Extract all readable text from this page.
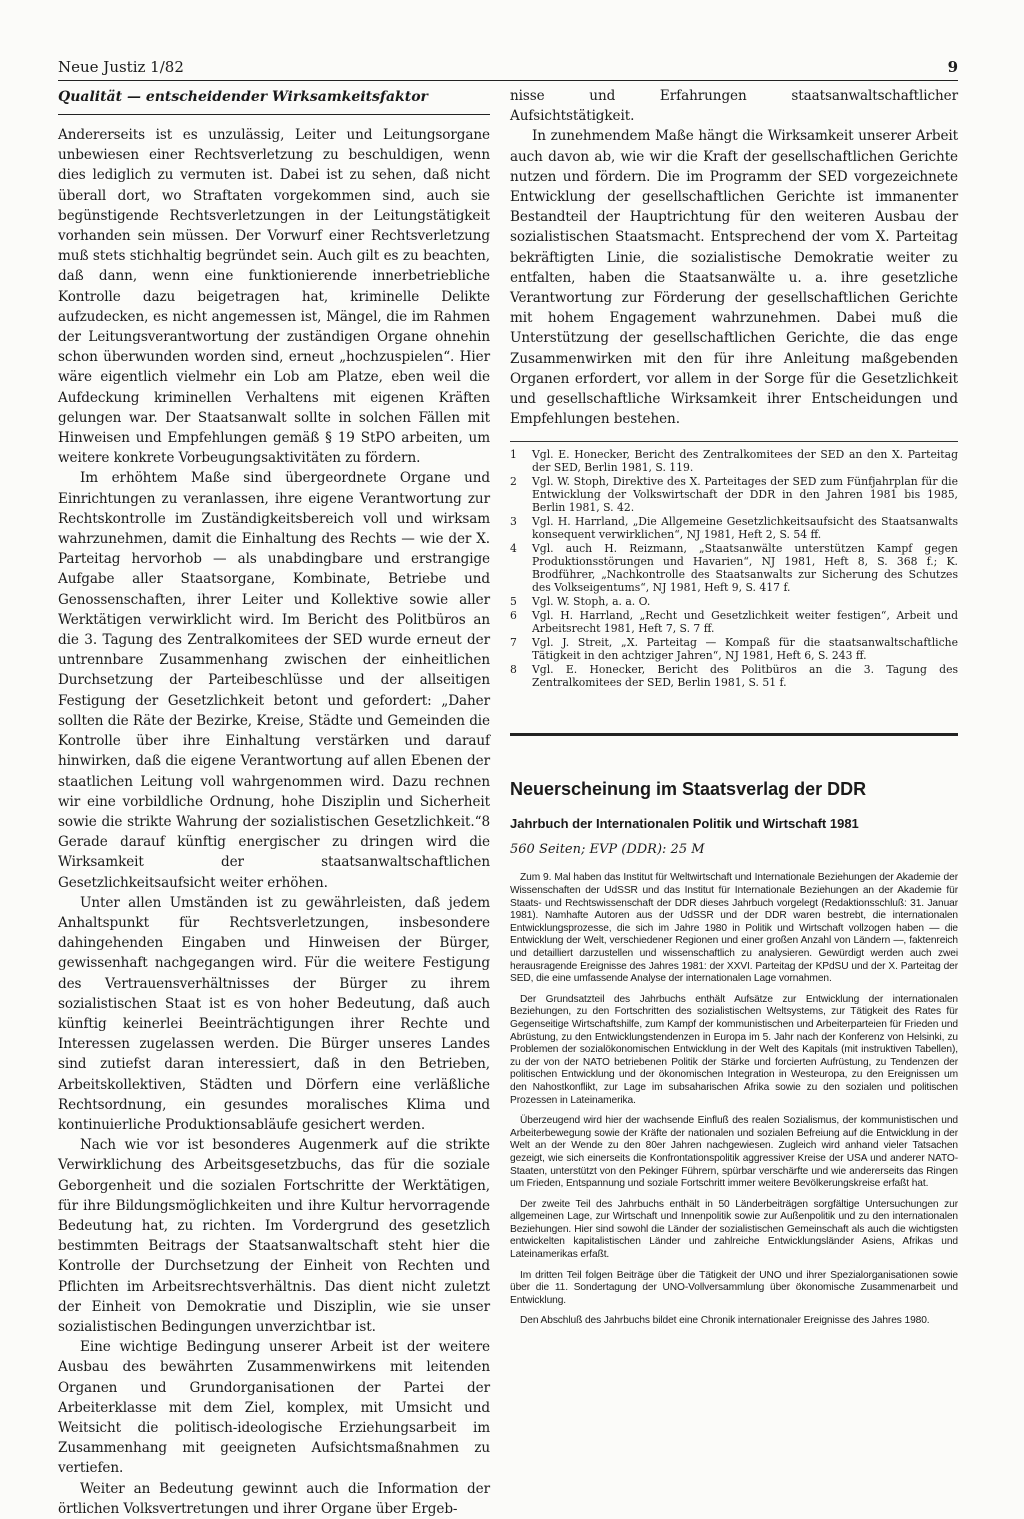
Neue Justiz 1/82	9
Qualität — entscheidender Wirksamkeitsfaktor

Andererseits ist es unzulässig, Leiter und Leitungsorgane unbewiesen einer Rechtsverletzung zu beschuldigen, wenn dies lediglich zu vermuten ist. Dabei ist zu sehen, daß nicht überall dort, wo Straftaten vorgekommen sind, auch sie begünstigende Rechtsverletzungen in der Leitungstätigkeit vorhanden sein müssen. Der Vorwurf einer Rechtsverletzung muß stets stichhaltig begründet sein. Auch gilt es zu beachten, daß dann, wenn eine funktionierende innerbetriebliche Kontrolle dazu beigetragen hat, kriminelle Delikte aufzudecken, es nicht angemessen ist, Mängel, die im Rahmen der Leitungsverantwortung der zuständigen Organe ohnehin schon überwunden worden sind, erneut „hochzuspielen“. Hier wäre eigentlich vielmehr ein Lob am Platze, eben weil die Aufdeckung kriminellen Verhaltens mit eigenen Kräften gelungen war. Der Staatsanwalt sollte in solchen Fällen mit Hinweisen und Empfehlungen gemäß § 19 StPO arbeiten, um weitere konkrete Vorbeugungsaktivitäten zu fördern.

Im erhöhtem Maße sind übergeordnete Organe und Einrichtungen zu veranlassen, ihre eigene Verantwortung zur Rechtskontrolle im Zuständigkeitsbereich voll und wirksam wahrzunehmen, damit die Einhaltung des Rechts — wie der X. Parteitag hervorhob — als unabdingbare und erstrangige Aufgabe aller Staatsorgane, Kombinate, Betriebe und Genossenschaften, ihrer Leiter und Kollektive sowie aller Werktätigen verwirklicht wird. Im Bericht des Politbüros an die 3. Tagung des Zentralkomitees der SED wurde erneut der untrennbare Zusammenhang zwischen der einheitlichen Durchsetzung der Parteibeschlüsse und der allseitigen Festigung der Gesetzlichkeit betont und gefordert: „Daher sollten die Räte der Bezirke, Kreise, Städte und Gemeinden die Kontrolle über ihre Einhaltung verstärken und darauf hinwirken, daß die eigene Verantwortung auf allen Ebenen der staatlichen Leitung voll wahrgenommen wird. Dazu rechnen wir eine vorbildliche Ordnung, hohe Disziplin und Sicherheit sowie die strikte Wahrung der sozialistischen Gesetzlichkeit.“8 Gerade darauf künftig energischer zu dringen wird die Wirksamkeit der staatsanwaltschaftlichen Gesetzlichkeitsaufsicht weiter erhöhen.

Unter allen Umständen ist zu gewährleisten, daß jedem Anhaltspunkt für Rechtsverletzungen, insbesondere dahingehenden Eingaben und Hinweisen der Bürger, gewissenhaft nachgegangen wird. Für die weitere Festigung des Vertrauensverhältnisses der Bürger zu ihrem sozialistischen Staat ist es von hoher Bedeutung, daß auch künftig keinerlei Beeinträchtigungen ihrer Rechte und Interessen zugelassen werden. Die Bürger unseres Landes sind zutiefst daran interessiert, daß in den Betrieben, Arbeitskollektiven, Städten und Dörfern eine verläßliche Rechtsordnung, ein gesundes moralisches Klima und kontinuierliche Produktionsabläufe gesichert werden.

Nach wie vor ist besonderes Augenmerk auf die strikte Verwirklichung des Arbeitsgesetzbuchs, das für die soziale Geborgenheit und die sozialen Fortschritte der Werktätigen, für ihre Bildungsmöglichkeiten und ihre Kultur hervorragende Bedeutung hat, zu richten. Im Vordergrund des gesetzlich bestimmten Beitrags der Staatsanwaltschaft steht hier die Kontrolle der Durchsetzung der Einheit von Rechten und Pflichten im Arbeitsrechtsverhältnis. Das dient nicht zuletzt der Einheit von Demokratie und Disziplin, wie sie unser sozialistischen Bedingungen unverzichtbar ist.

Eine wichtige Bedingung unserer Arbeit ist der weitere Ausbau des bewährten Zusammenwirkens mit leitenden Organen und Grundorganisationen der Partei der Arbeiterklasse mit dem Ziel, komplex, mit Umsicht und Weitsicht die politisch-ideologische Erziehungsarbeit im Zusammenhang mit geeigneten Aufsichtsmaßnahmen zu vertiefen.

Weiter an Bedeutung gewinnt auch die Information der örtlichen Volksvertretungen und ihrer Organe über Ergeb-

nisse und Erfahrungen staatsanwaltschaftlicher Aufsichtstätigkeit.

In zunehmendem Maße hängt die Wirksamkeit unserer Arbeit auch davon ab, wie wir die Kraft der gesellschaftlichen Gerichte nutzen und fördern. Die im Programm der SED vorgezeichnete Entwicklung der gesellschaftlichen Gerichte ist immanenter Bestandteil der Hauptrichtung für den weiteren Ausbau der sozialistischen Staatsmacht. Entsprechend der vom X. Parteitag bekräftigten Linie, die sozialistische Demokratie weiter zu entfalten, haben die Staatsanwälte u. a. ihre gesetzliche Verantwortung zur Förderung der gesellschaftlichen Gerichte mit hohem Engagement wahrzunehmen. Dabei muß die Unterstützung der gesellschaftlichen Gerichte, die das enge Zusammenwirken mit den für ihre Anleitung maßgebenden Organen erfordert, vor allem in der Sorge für die Gesetzlichkeit und gesellschaftliche Wirksamkeit ihrer Entscheidungen und Empfehlungen bestehen.

1	Vgl. E. Honecker, Bericht des Zentralkomitees der SED an den X. Parteitag der SED, Berlin 1981, S. 119.
2	Vgl. W. Stoph, Direktive des X. Parteitages der SED zum Fünfjahrplan für die Entwicklung der Volkswirtschaft der DDR in den Jahren 1981 bis 1985, Berlin 1981, S. 42.
3	Vgl. H. Harrland, „Die Allgemeine Gesetzlichkeitsaufsicht des Staatsanwalts konsequent verwirklichen“, NJ 1981, Heft 2, S. 54 ff.
4	Vgl. auch H. Reizmann, „Staatsanwälte unterstützen Kampf gegen Produktionsstörungen und Havarien“, NJ 1981, Heft 8, S. 368 f.; K. Brodführer, „Nachkontrolle des Staatsanwalts zur Sicherung des Schutzes des Volkseigentums“, NJ 1981, Heft 9, S. 417 f.
5	Vgl. W. Stoph, a. a. O.
6	Vgl. H. Harrland, „Recht und Gesetzlichkeit weiter festigen“, Arbeit und Arbeitsrecht 1981, Heft 7, S. 7 ff.
7	Vgl. J. Streit, „X. Parteitag — Kompaß für die staatsanwaltschaftliche Tätigkeit in den achtziger Jahren“, NJ 1981, Heft 6, S. 243 ff.
8	Vgl. E. Honecker, Bericht des Politbüros an die 3. Tagung des Zentralkomitees der SED, Berlin 1981, S. 51 f.
Neuerscheinung im Staatsverlag der DDR
Jahrbuch der Internationalen Politik und Wirtschaft 1981
560 Seiten; EVP (DDR): 25 M

Zum 9. Mal haben das Institut für Weltwirtschaft und Internationale Beziehungen der Akademie der Wissenschaften der UdSSR und das Institut für Internationale Beziehungen an der Akademie für Staats- und Rechtswissenschaft der DDR dieses Jahrbuch vorgelegt (Redaktionsschluß: 31. Januar 1981). Namhafte Autoren aus der UdSSR und der DDR waren bestrebt, die internationalen Entwicklungsprozesse, die sich im Jahre 1980 in Politik und Wirtschaft vollzogen haben — die Entwicklung der Welt, verschiedener Regionen und einer großen Anzahl von Ländern —, faktenreich und detailliert darzustellen und wissenschaftlich zu analysieren. Gewürdigt werden auch zwei herausragende Ereignisse des Jahres 1981: der XXVI. Parteitag der KPdSU und der X. Parteitag der SED, die eine umfassende Analyse der internationalen Lage vornahmen.

Der Grundsatzteil des Jahrbuchs enthält Aufsätze zur Entwicklung der internationalen Beziehungen, zu den Fortschritten des sozialistischen Weltsystems, zur Tätigkeit des Rates für Gegenseitige Wirtschaftshilfe, zum Kampf der kommunistischen und Arbeiterparteien für Frieden und Abrüstung, zu den Entwicklungstendenzen in Europa im 5. Jahr nach der Konferenz von Helsinki, zu Problemen der sozialökonomischen Entwicklung in der Welt des Kapitals (mit instruktiven Tabellen), zu der von der NATO betriebenen Politik der Stärke und forcierten Aufrüstung, zu Tendenzen der politischen Entwicklung und der ökonomischen Integration in Westeuropa, zu den Ereignissen um den Nahostkonflikt, zur Lage im subsaharischen Afrika sowie zu den sozialen und politischen Prozessen in Lateinamerika.

Überzeugend wird hier der wachsende Einfluß des realen Sozialismus, der kommunistischen und Arbeiterbewegung sowie der Kräfte der nationalen und sozialen Befreiung auf die Entwicklung in der Welt an der Wende zu den 80er Jahren nachgewiesen. Zugleich wird anhand vieler Tatsachen gezeigt, wie sich einerseits die Konfrontationspolitik aggressiver Kreise der USA und anderer NATO-Staaten, unterstützt von den Pekinger Führern, spürbar verschärfte und wie andererseits das Ringen um Frieden, Entspannung und soziale Fortschritt immer weitere Bevölkerungskreise erfaßt hat.

Der zweite Teil des Jahrbuchs enthält in 50 Länderbeiträgen sorgfältige Untersuchungen zur allgemeinen Lage, zur Wirtschaft und Innenpolitik sowie zur Außenpolitik und zu den internationalen Beziehungen. Hier sind sowohl die Länder der sozialistischen Gemeinschaft als auch die wichtigsten entwickelten kapitalistischen Länder und zahlreiche Entwicklungsländer Asiens, Afrikas und Lateinamerikas erfaßt.

Im dritten Teil folgen Beiträge über die Tätigkeit der UNO und ihrer Spezialorganisationen sowie über die 11. Sondertagung der UNO-Vollversammlung über ökonomische Zusammenarbeit und Entwicklung.

Den Abschluß des Jahrbuchs bildet eine Chronik internationaler Ereignisse des Jahres 1980.
